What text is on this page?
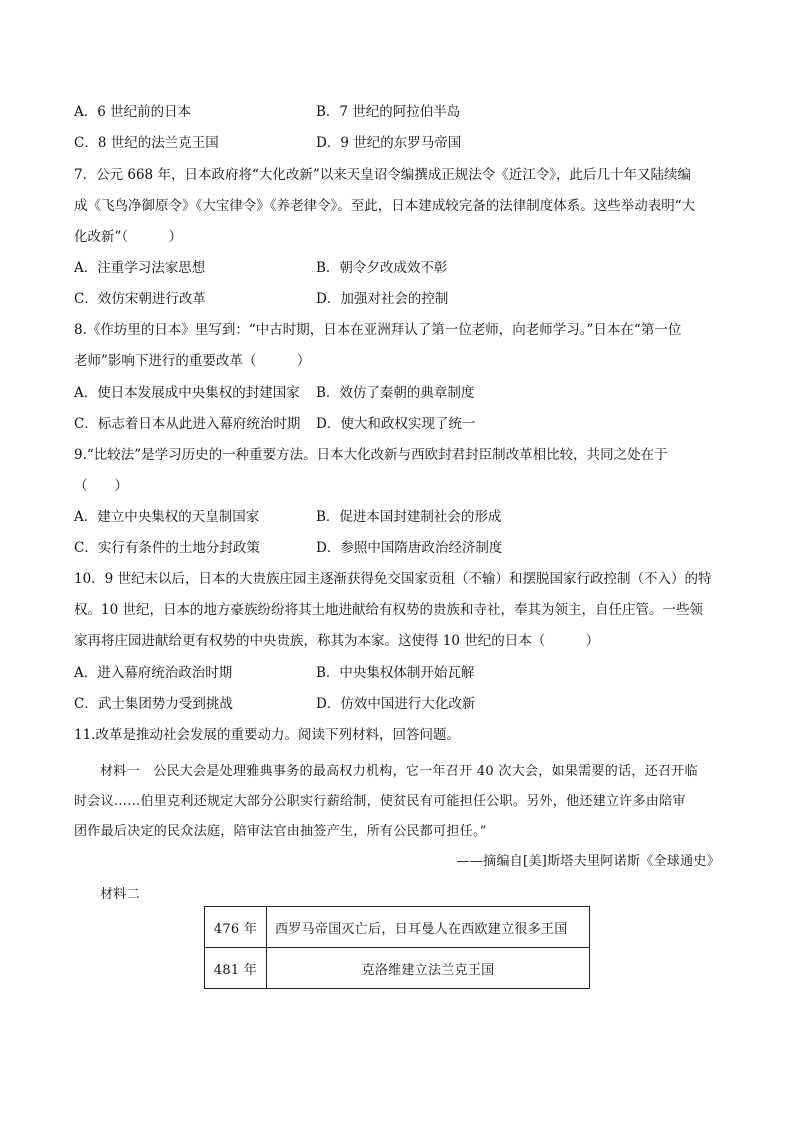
A．6 世纪前的日本	B．7 世纪的阿拉伯半岛
C．8 世纪的法兰克王国	D．9 世纪的东罗马帝国
7．公元 668 年，日本政府将“大化改新”以来天皇诏令编撰成正规法令《近江令》，此后几十年又陆续编
成《飞鸟净御原令》《大宝律令》《养老律令》。至此，日本建成较完备的法律制度体系。这些举动表明“大
化改新”（　　　）
A．注重学习法家思想	B．朝令夕改成效不彰
C．效仿宋朝进行改革	D．加强对社会的控制
8.《作坊里的日本》里写到：“中古时期，日本在亚洲拜认了第一位老师，向老师学习。”日本在“第一位
老师”影响下进行的重要改革（　　　）
A．使日本发展成中央集权的封建国家 B．效仿了秦朝的典章制度
C．标志着日本从此进入幕府统治时期 D．使大和政权实现了统一
9.“比较法”是学习历史的一种重要方法。日本大化改新与西欧封君封臣制改革相比较，共同之处在于
（　　）
A．建立中央集权的天皇制国家	B．促进本国封建制社会的形成
C．实行有条件的土地分封政策	D．参照中国隋唐政治经济制度
10．9 世纪末以后，日本的大贵族庄园主逐渐获得免交国家贡租（不输）和摆脱国家行政控制（不入）的特
权。10 世纪，日本的地方豪族纷纷将其土地进献给有权势的贵族和寺社，奉其为领主，自任庄管。一些领
家再将庄园进献给更有权势的中央贵族，称其为本家。这使得 10 世纪的日本（　　　）
A．进入幕府统治政治时期	B．中央集权体制开始瓦解
C．武士集团势力受到挑战	D．仿效中国进行大化改新
11.改革是推动社会发展的重要动力。阅读下列材料，回答问题。
材料一　公民大会是处理雅典事务的最高权力机构，它一年召开 40 次大会，如果需要的话，还召开临
时会议……伯里克利还规定大部分公职实行薪给制，使贫民有可能担任公职。另外，他还建立许多由陪审
团作最后决定的民众法庭，陪审法官由抽签产生，所有公民都可担任。”
——摘编自[美]斯塔夫里阿诺斯《全球通史》
材料二
476 年	西罗马帝国灭亡后，日耳曼人在西欧建立很多王国
481 年	克洛维建立法兰克王国
